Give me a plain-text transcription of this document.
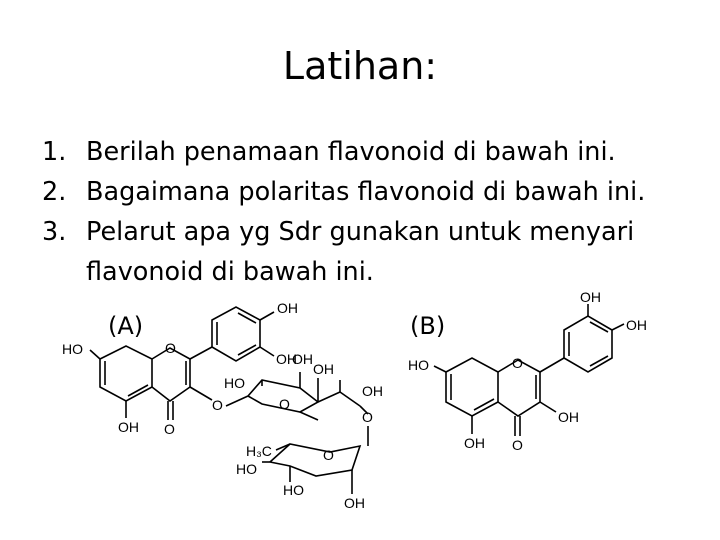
Latihan:
1. Berilah penamaan flavonoid di bawah ini.
2. Bagaimana polaritas flavonoid di bawah ini.
3. Pelarut apa yg Sdr gunakan untuk menyari flavonoid di bawah ini.
(A)	(B)
OH
OH
HO	O
O
OH
O
HO
O
OH
OH
O
H₃C	O
HO
HO
OH
OH
OH
OH
HO	O
OH
OH O
